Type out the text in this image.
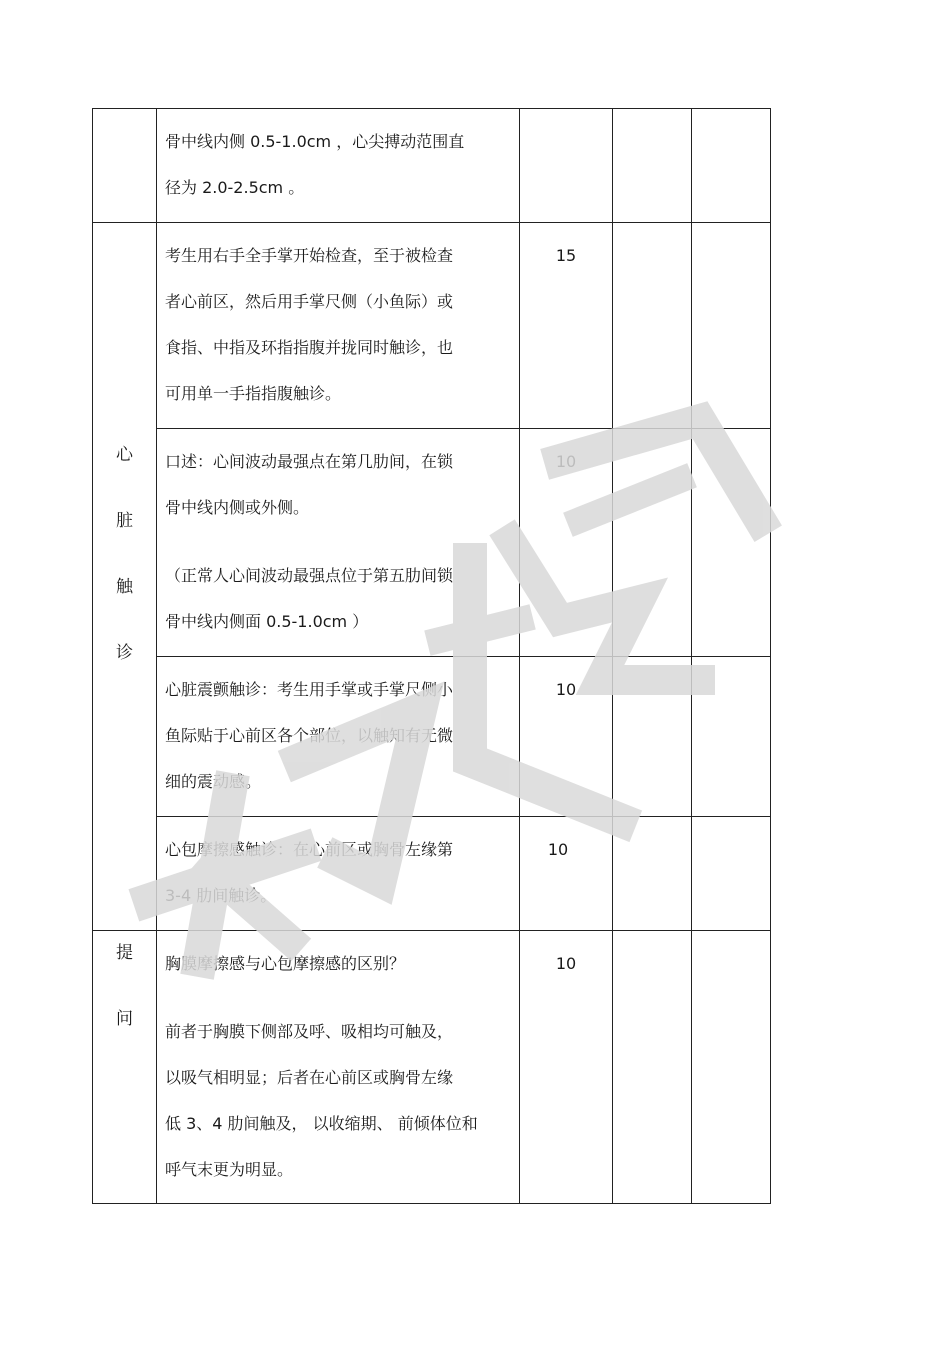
	骨中线内侧 0.5-1.0cm ，心尖搏动范围直
径为 2.0-2.5cm 。			

心
脏
触
诊	考生用右手全手掌开始检查，至于被检查
者心前区，然后用手掌尺侧（小鱼际）或
食指、中指及环指指腹并拢同时触诊，也
可用单一手指指腹触诊。	15		

	口述：心间波动最强点在第几肋间，在锁
骨中线内侧或外侧。
（正常人心间波动最强点位于第五肋间锁
骨中线内侧面 0.5-1.0cm ）	10		

	心脏震颤触诊：考生用手掌或手掌尺侧小
鱼际贴于心前区各个部位，以触知有无微
细的震动感。	10		

	心包摩擦感触诊：在心前区或胸骨左缘第
3-4 肋间触诊。	10		

提
问	胸膜摩擦感与心包摩擦感的区别？
前者于胸膜下侧部及呼、吸相均可触及，
以吸气相明显；后者在心前区或胸骨左缘
低 3、4 肋间触及， 以收缩期、 前倾体位和
呼气末更为明显。	10		
